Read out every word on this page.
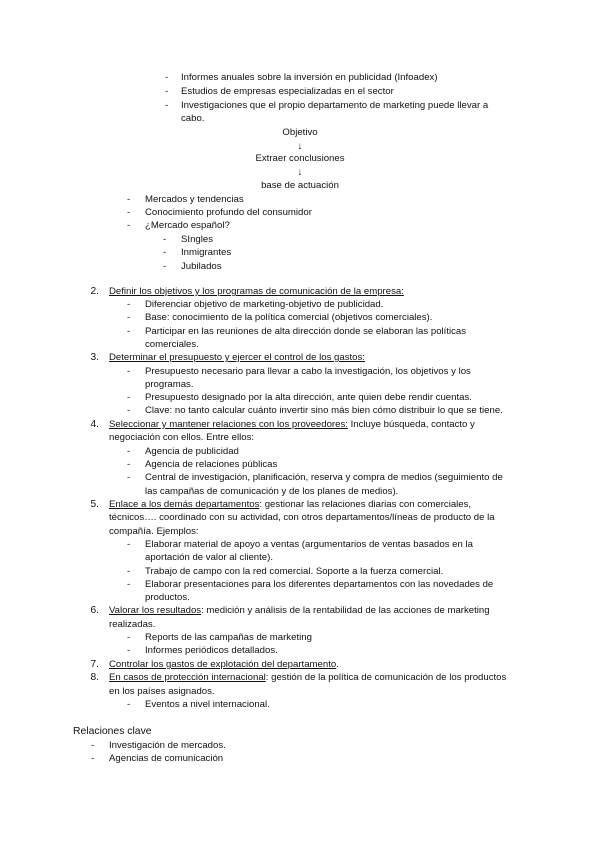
- Informes anuales sobre la inversión en publicidad (Infoadex)
- Estudios de empresas especializadas en el sector
- Investigaciones que el propio departamento de marketing puede llevar a
cabo.
Objetivo
↓
Extraer conclusiones
↓
base de actuación
- Mercados y tendencias
- Conocimiento profundo del consumidor
- ¿Mercado español?
- SIngles
- Inmigrantes
- Jubilados
2. Definir los objetivos y los programas de comunicación de la empresa:
- Diferenciar objetivo de marketing-objetivo de publicidad.
- Base: conocimiento de la política comercial (objetivos comerciales).
- Participar en las reuniones de alta dirección donde se elaboran las políticas
comerciales.
3. Determinar el presupuesto y ejercer el control de los gastos:
- Presupuesto necesario para llevar a cabo la investigación, los objetivos y los
programas.
- Presupuesto designado por la alta dirección, ante quien debe rendir cuentas.
- Clave: no tanto calcular cuánto invertir sino más bien cómo distribuir lo que se tiene.
4. Seleccionar y mantener relaciones con los proveedores: Incluye búsqueda, contacto y
negociación con ellos. Entre ellos:
- Agencia de publicidad
- Agencia de relaciones públicas
- Central de investigación, planificación, reserva y compra de medios (seguimiento de
las campañas de comunicación y de los planes de medios).
5. Enlace a los demás departamentos: gestionar las relaciones diarias con comerciales,
técnicos…. coordinado con su actividad, con otros departamentos/líneas de producto de la
compañía. Ejemplos:
- Elaborar material de apoyo a ventas (argumentarios de ventas basados en la
aportación de valor al cliente).
- Trabajo de campo con la red comercial. Soporte a la fuerza comercial.
- Elaborar presentaciones para los diferentes departamentos con las novedades de
productos.
6. Valorar los resultados: medición y análisis de la rentabilidad de las acciones de marketing
realizadas.
- Reports de las campañas de marketing
- Informes periódicos detallados.
7. Controlar los gastos de explotación del departamento.
8. En casos de protección internacional: gestión de la política de comunicación de los productos
en los países asignados.
- Eventos a nivel internacional.
Relaciones clave
- Investigación de mercados.
- Agencias de comunicación
